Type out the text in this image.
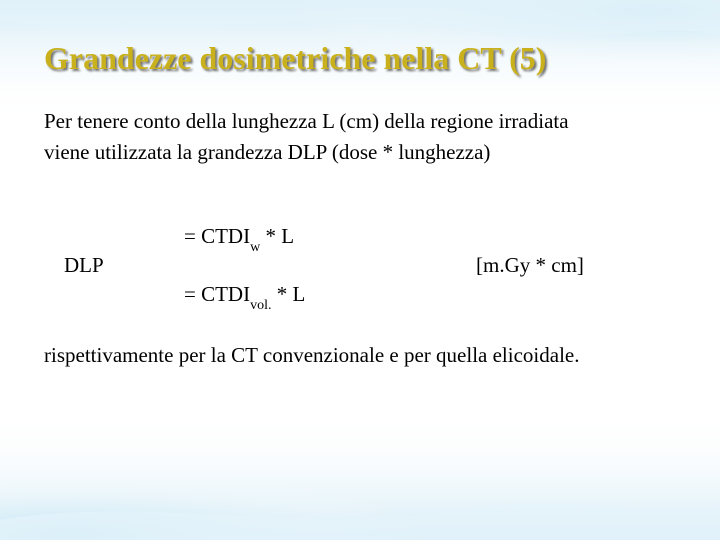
Grandezze dosimetriche nella CT (5)

Per tenere conto della lunghezza L (cm) della regione irradiata viene utilizzata la grandezza DLP (dose * lunghezza)

DLP
= $CTDI_w$ * L
= $CTDI_{vol.}$ * L
[m.Gy * cm]

rispettivamente per la CT convenzionale e per quella elicoidale.
